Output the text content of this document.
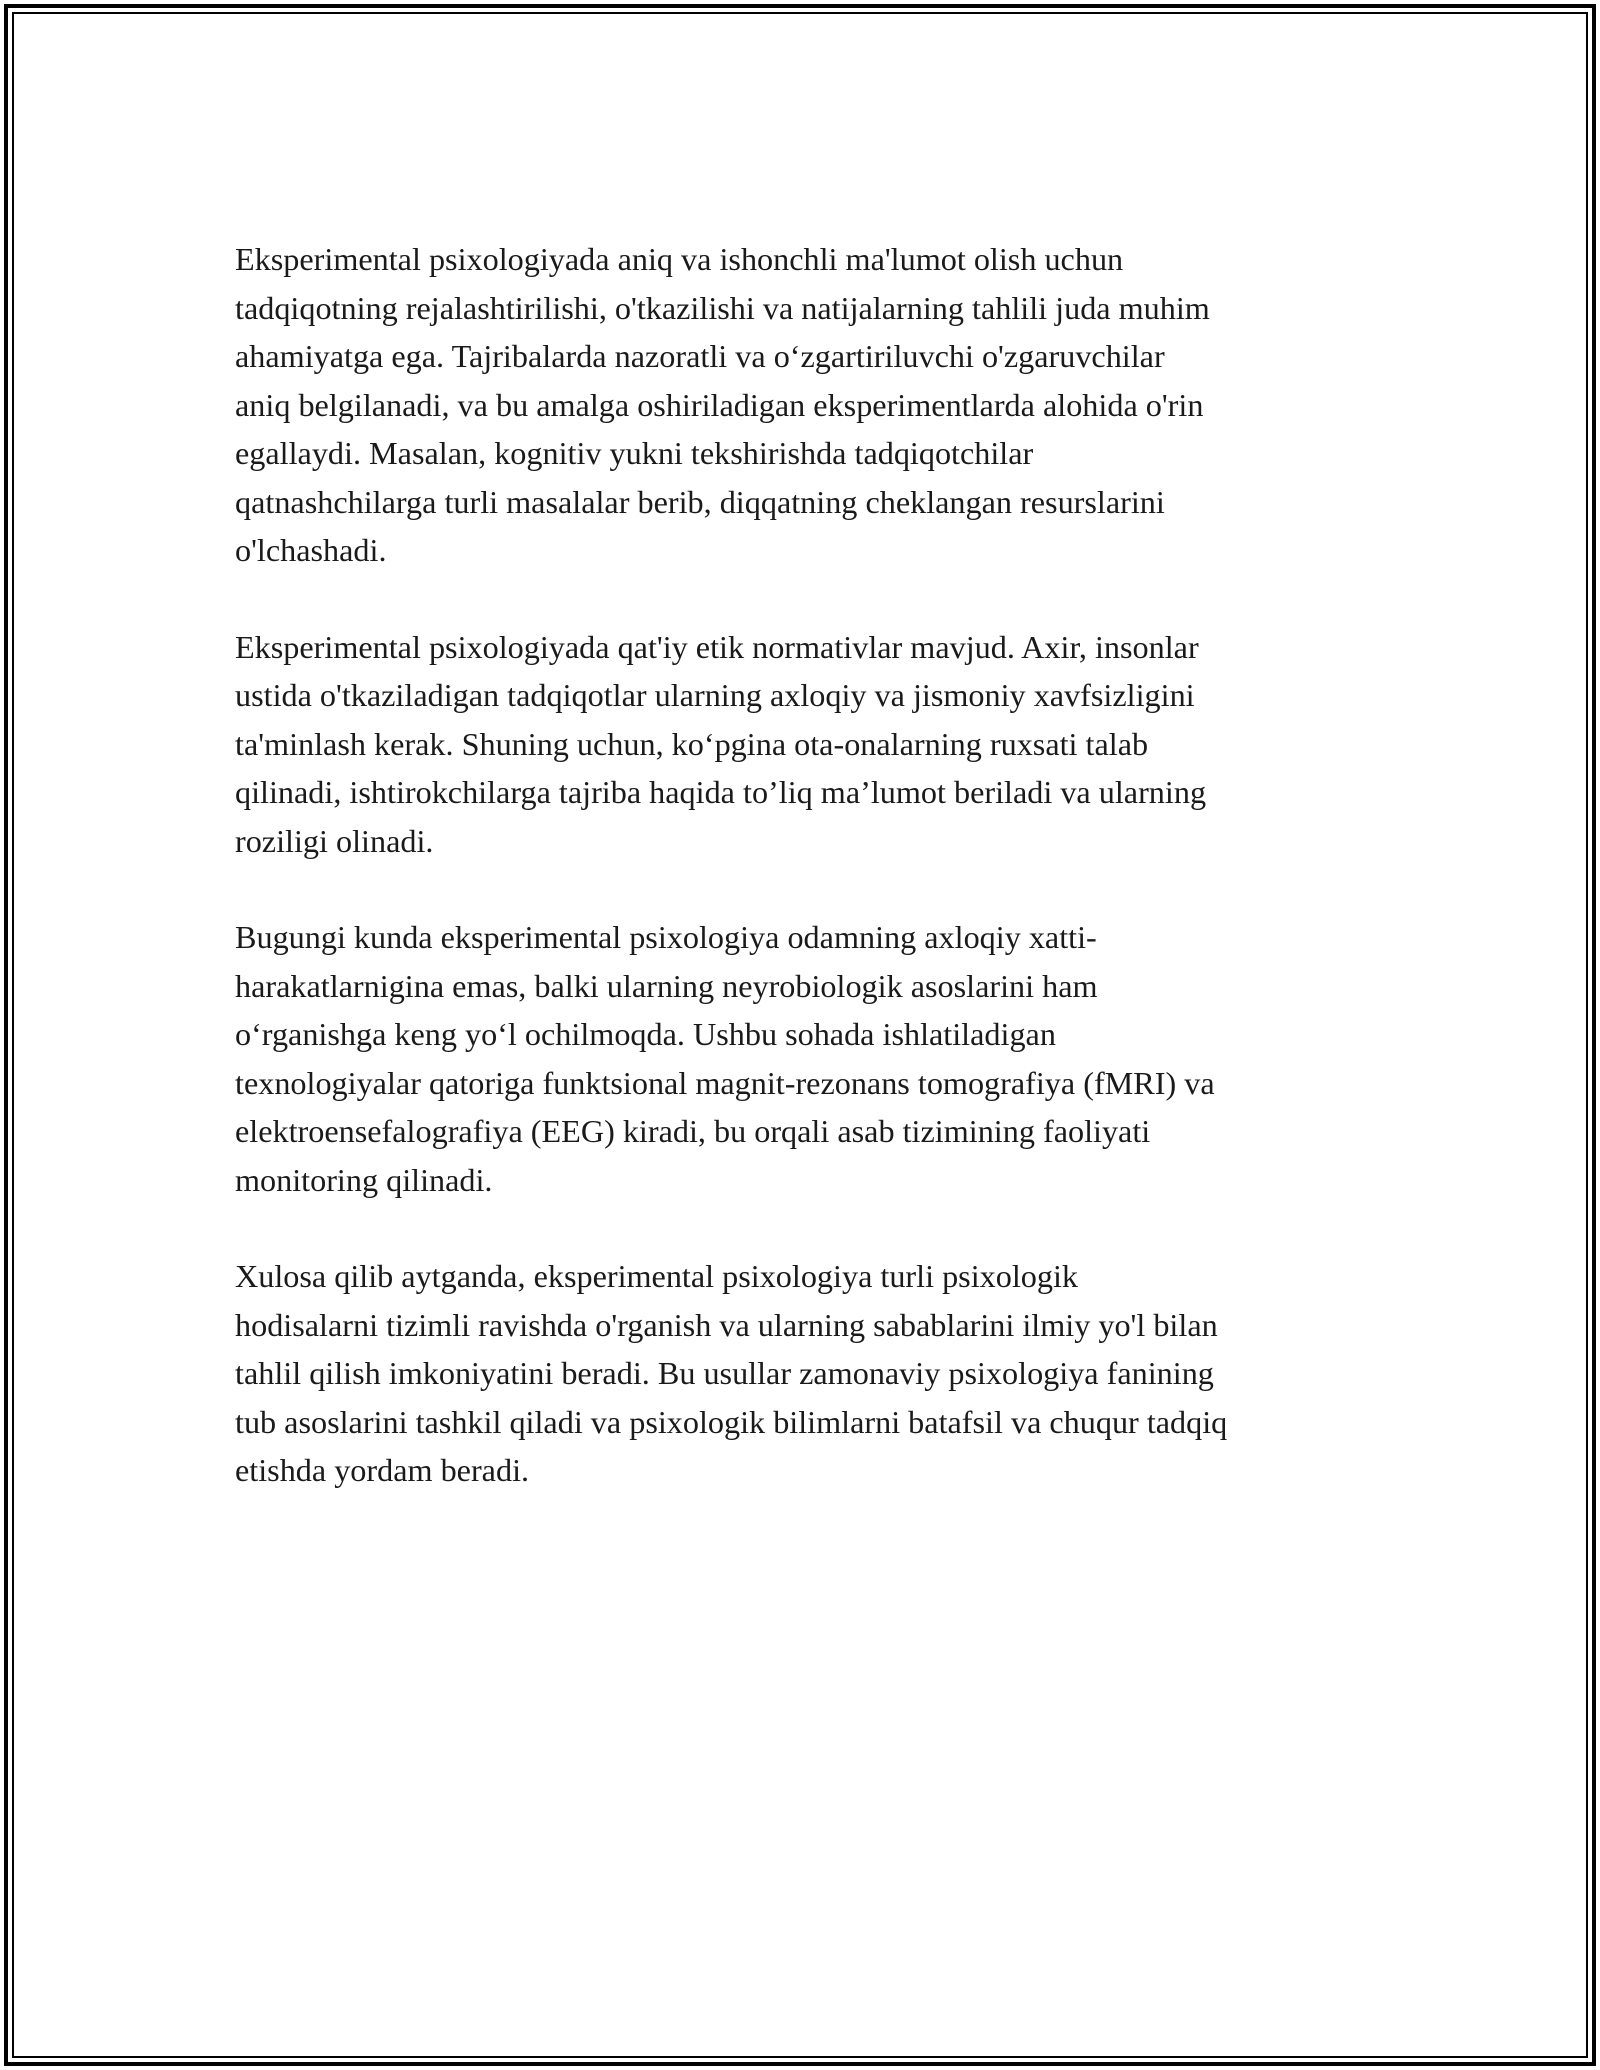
Eksperimental psixologiyada aniq va ishonchli ma'lumot olish uchun
tadqiqotning rejalashtirilishi, o'tkazilishi va natijalarning tahlili juda muhim
ahamiyatga ega. Tajribalarda nazoratli va o‘zgartiriluvchi o'zgaruvchilar
aniq belgilanadi, va bu amalga oshiriladigan eksperimentlarda alohida o'rin
egallaydi. Masalan, kognitiv yukni tekshirishda tadqiqotchilar
qatnashchilarga turli masalalar berib, diqqatning cheklangan resurslarini
o'lchashadi.

Eksperimental psixologiyada qat'iy etik normativlar mavjud. Axir, insonlar
ustida o'tkaziladigan tadqiqotlar ularning axloqiy va jismoniy xavfsizligini
ta'minlash kerak. Shuning uchun, ko‘pgina ota-onalarning ruxsati talab
qilinadi, ishtirokchilarga tajriba haqida to’liq ma’lumot beriladi va ularning
roziligi olinadi.

Bugungi kunda eksperimental psixologiya odamning axloqiy xatti-
harakatlarnigina emas, balki ularning neyrobiologik asoslarini ham
o‘rganishga keng yo‘l ochilmoqda. Ushbu sohada ishlatiladigan
texnologiyalar qatoriga funktsional magnit-rezonans tomografiya (fMRI) va
elektroensefalografiya (EEG) kiradi, bu orqali asab tizimining faoliyati
monitoring qilinadi.

Xulosa qilib aytganda, eksperimental psixologiya turli psixologik
hodisalarni tizimli ravishda o'rganish va ularning sabablarini ilmiy yo'l bilan
tahlil qilish imkoniyatini beradi. Bu usullar zamonaviy psixologiya fanining
tub asoslarini tashkil qiladi va psixologik bilimlarni batafsil va chuqur tadqiq
etishda yordam beradi.
